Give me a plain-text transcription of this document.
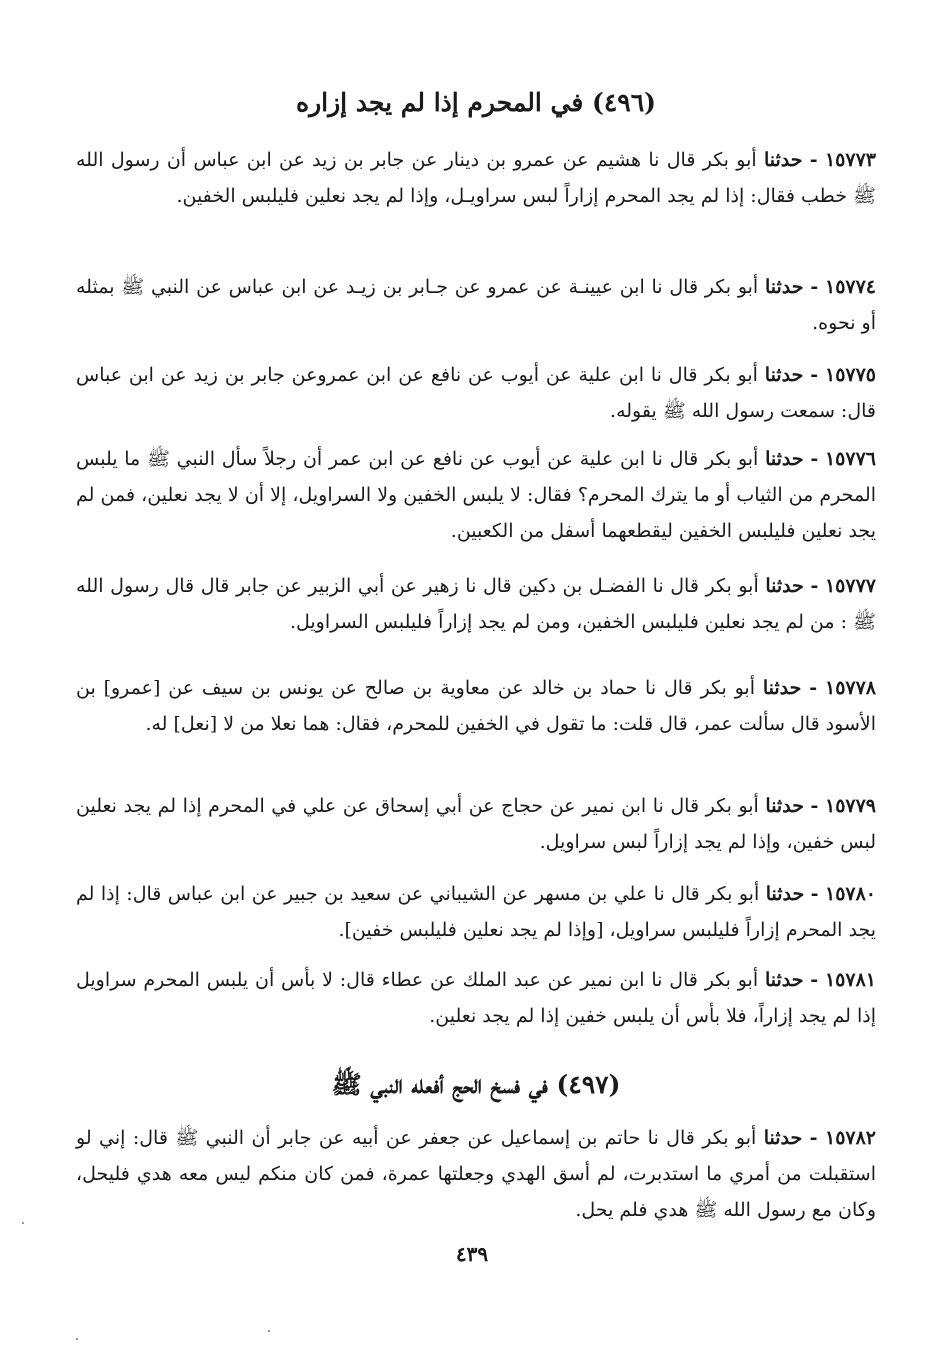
(٤٩٦) في المحرم إذا لم يجد إزاره

١٥٧٧٣ - حدثنا أبو بكر قال نا هشيم عن عمرو بن دينار عن جابر بن زيد عن ابن عباس أن رسول الله ﷺ خطب فقال: إذا لم يجد المحرم إزاراً لبس سراويـل، وإذا لم يجد نعلين فليلبس الخفين.

١٥٧٧٤ - حدثنا أبو بكر قال نا ابن عيينـة عن عمرو عن جـابر بن زيـد عن ابن عباس عن النبي ﷺ بمثله أو نحوه.

١٥٧٧٥ - حدثنا أبو بكر قال نا ابن علية عن أيوب عن نافع عن ابن عمروعن جابر بن زيد عن ابن عباس قال: سمعت رسول الله ﷺ يقوله.

١٥٧٧٦ - حدثنا أبو بكر قال نا ابن علية عن أيوب عن نافع عن ابن عمر أن رجلاً سأل النبي ﷺ ما يلبس المحرم من الثياب أو ما يترك المحرم؟ فقال: لا يلبس الخفين ولا السراويل، إلا أن لا يجد نعلين، فمن لم يجد نعلين فليلبس الخفين ليقطعهما أسفل من الكعبين.

١٥٧٧٧ - حدثنا أبو بكر قال نا الفضـل بن دكين قال نا زهير عن أبي الزبير عن جابر قال قال رسول الله ﷺ : من لم يجد نعلين فليلبس الخفين، ومن لم يجد إزاراً فليلبس السراويل.

١٥٧٧٨ - حدثنا أبو بكر قال نا حماد بن خالد عن معاوية بن صالح عن يونس بن سيف عن [عمرو] بن الأسود قال سألت عمر، قال قلت: ما تقول في الخفين للمحرم، فقال: هما نعلا من لا [نعل] له.

١٥٧٧٩ - حدثنا أبو بكر قال نا ابن نمير عن حجاج عن أبي إسحاق عن علي في المحرم إذا لم يجد نعلين لبس خفين، وإذا لم يجد إزاراً لبس سراويل.

١٥٧٨٠ - حدثنا أبو بكر قال نا علي بن مسهر عن الشيباني عن سعيد بن جبير عن ابن عباس قال: إذا لم يجد المحرم إزاراً فليلبس سراويل، [وإذا لم يجد نعلين فليلبس خفين].

١٥٧٨١ - حدثنا أبو بكر قال نا ابن نمير عن عبد الملك عن عطاء قال: لا بأس أن يلبس المحرم سراويل إذا لم يجد إزاراً، فلا بأس أن يلبس خفين إذا لم يجد نعلين.

(٤٩٧) في فسخ الحج أفعله النبي ﷺ

١٥٧٨٢ - حدثنا أبو بكر قال نا حاتم بن إسماعيل عن جعفر عن أبيه عن جابر أن النبي ﷺ قال: إني لو استقبلت من أمري ما استدبرت، لم أسق الهدي وجعلتها عمرة، فمن كان منكم ليس معه هدي فليحل، وكان مع رسول الله ﷺ هدي فلم يحل.

٤٣٩
